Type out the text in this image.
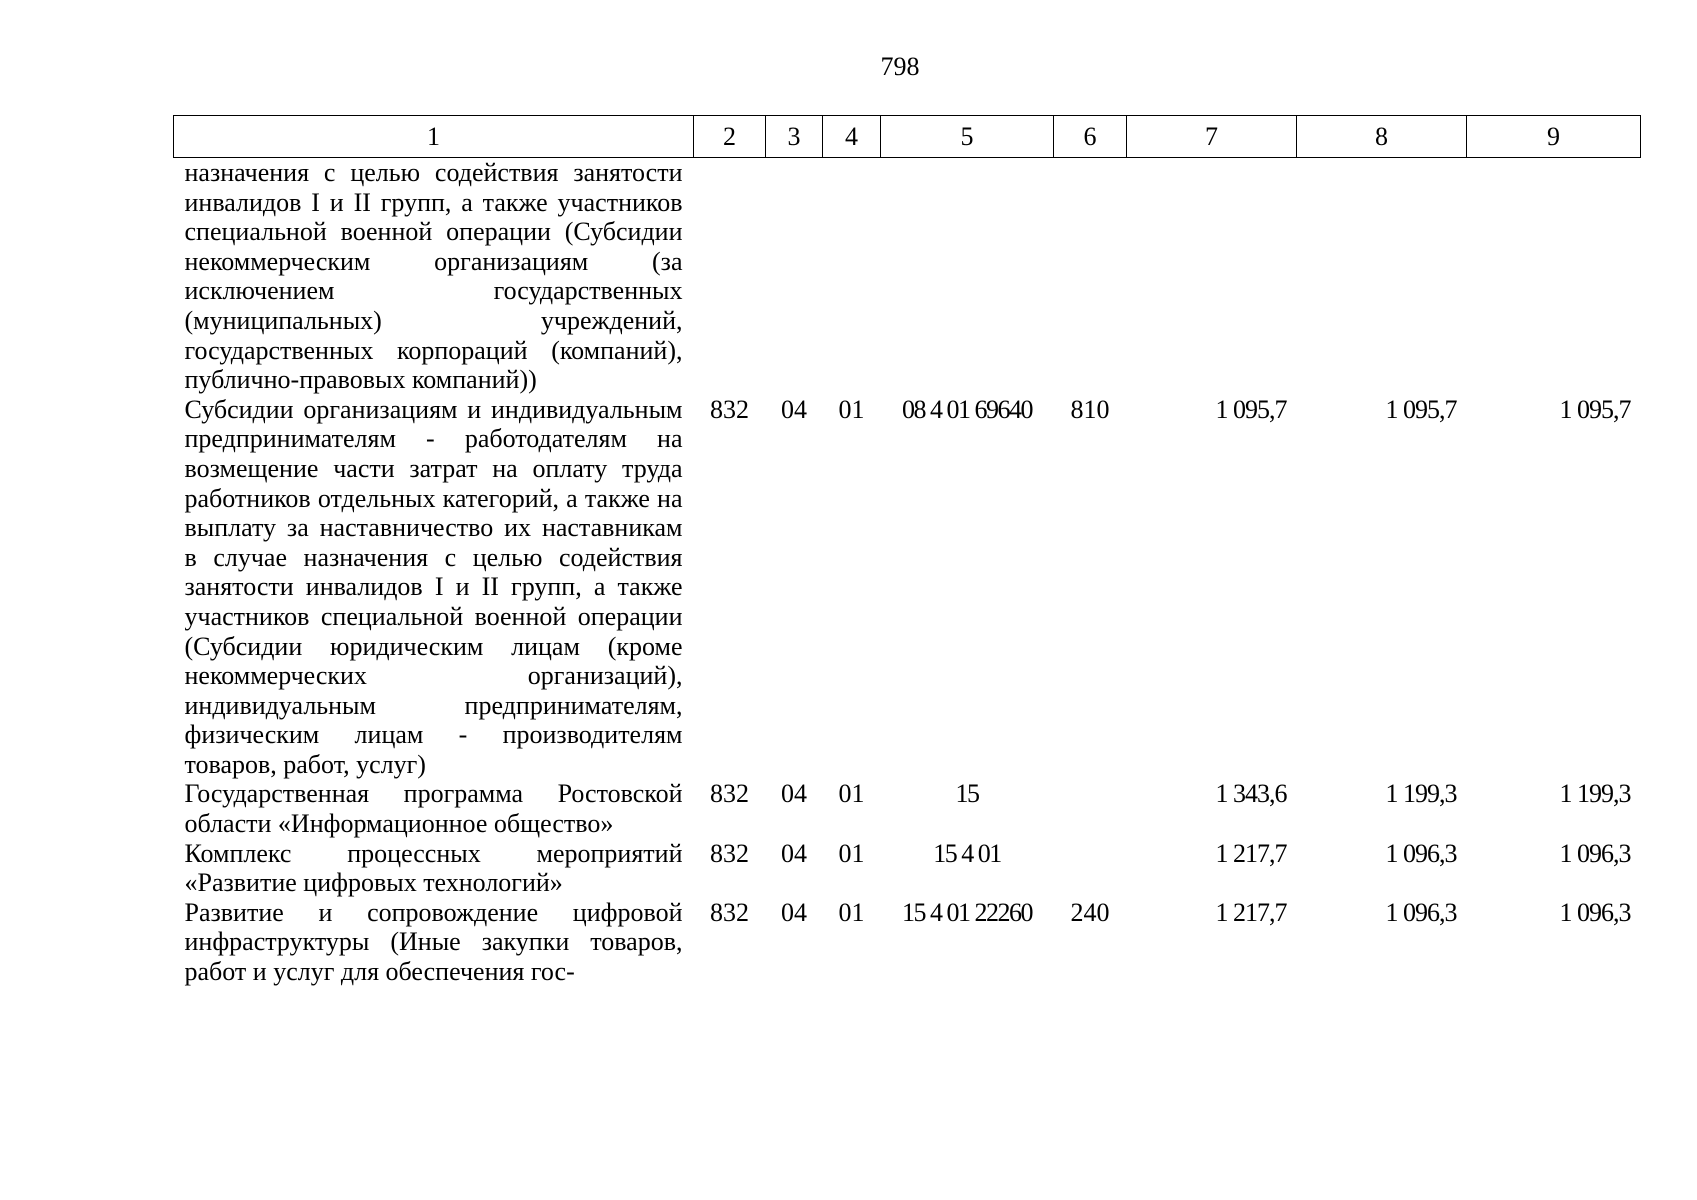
798
1	2	3	4	5	6	7	8	9
назначения с целью содействия занятости инвалидов I и II групп, а также участников специальной военной операции (Субсидии некоммерческим организациям (за исключением государственных (муниципальных) учреждений, государственных корпораций (компаний), публично-правовых компаний))								
Субсидии организациям и индивидуальным предпринимателям - работодателям на возмещение части затрат на оплату труда работников отдельных категорий, а также на выплату за наставничество их наставникам в случае назначения с целью содействия занятости инвалидов I и II групп, а также участников специальной военной операции (Субсидии юридическим лицам (кроме некоммерческих организаций), индивидуальным предпринимателям, физическим лицам - производителям товаров, работ, услуг)	832	04	01	08 4 01 69640	810	1 095,7	1 095,7	1 095,7
Государственная программа Ростовской области «Информационное общество»	832	04	01	15		1 343,6	1 199,3	1 199,3
Комплекс процессных мероприятий «Развитие цифровых технологий»	832	04	01	15 4 01		1 217,7	1 096,3	1 096,3
Развитие и сопровождение цифровой инфраструктуры (Иные закупки товаров, работ и услуг для обеспечения гос-	832	04	01	15 4 01 22260	240	1 217,7	1 096,3	1 096,3
